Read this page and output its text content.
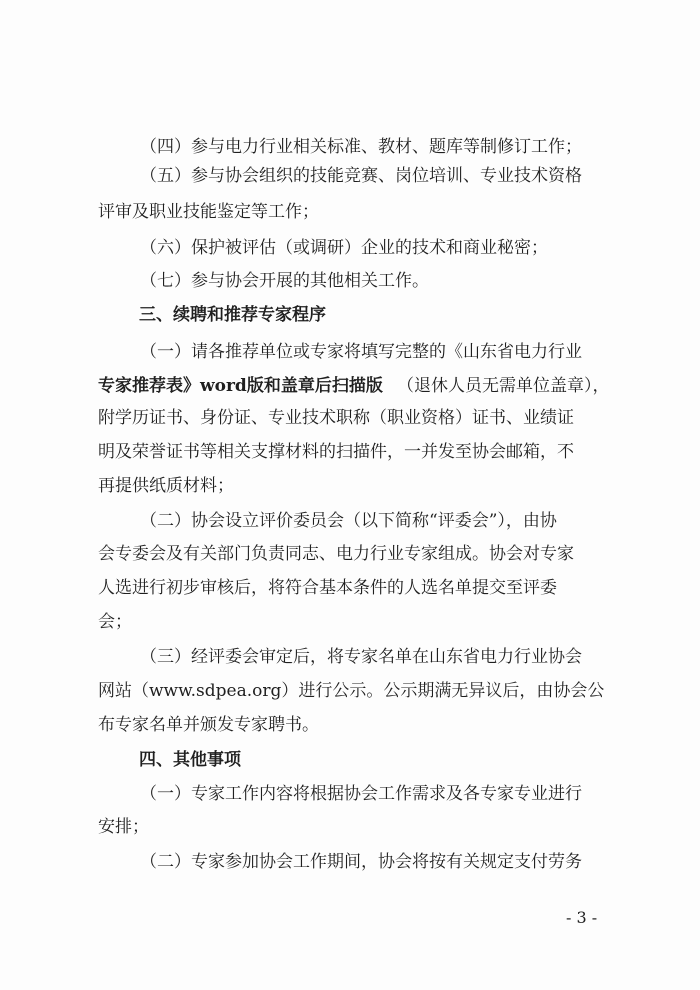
（四）参与电力行业相关标准、教材、题库等制修订工作；
（五）参与协会组织的技能竞赛、岗位培训、专业技术资格
评审及职业技能鉴定等工作；
（六）保护被评估（或调研）企业的技术和商业秘密；
（七）参与协会开展的其他相关工作。
三、续聘和推荐专家程序
（一）请各推荐单位或专家将填写完整的《山东省电力行业
专家推荐表》word版和盖章后扫描版 （退休人员无需单位盖章），
附学历证书、身份证、专业技术职称（职业资格）证书、业绩证
明及荣誉证书等相关支撑材料的扫描件，一并发至协会邮箱，不
再提供纸质材料；
（二）协会设立评价委员会（以下简称“评委会”），由协
会专委会及有关部门负责同志、电力行业专家组成。协会对专家
人选进行初步审核后，将符合基本条件的人选名单提交至评委
会；
（三）经评委会审定后，将专家名单在山东省电力行业协会
网站（www.sdpea.org）进行公示。公示期满无异议后，由协会公
布专家名单并颁发专家聘书。
四、其他事项
（一）专家工作内容将根据协会工作需求及各专家专业进行
安排；
（二）专家参加协会工作期间，协会将按有关规定支付劳务
- 3 -
